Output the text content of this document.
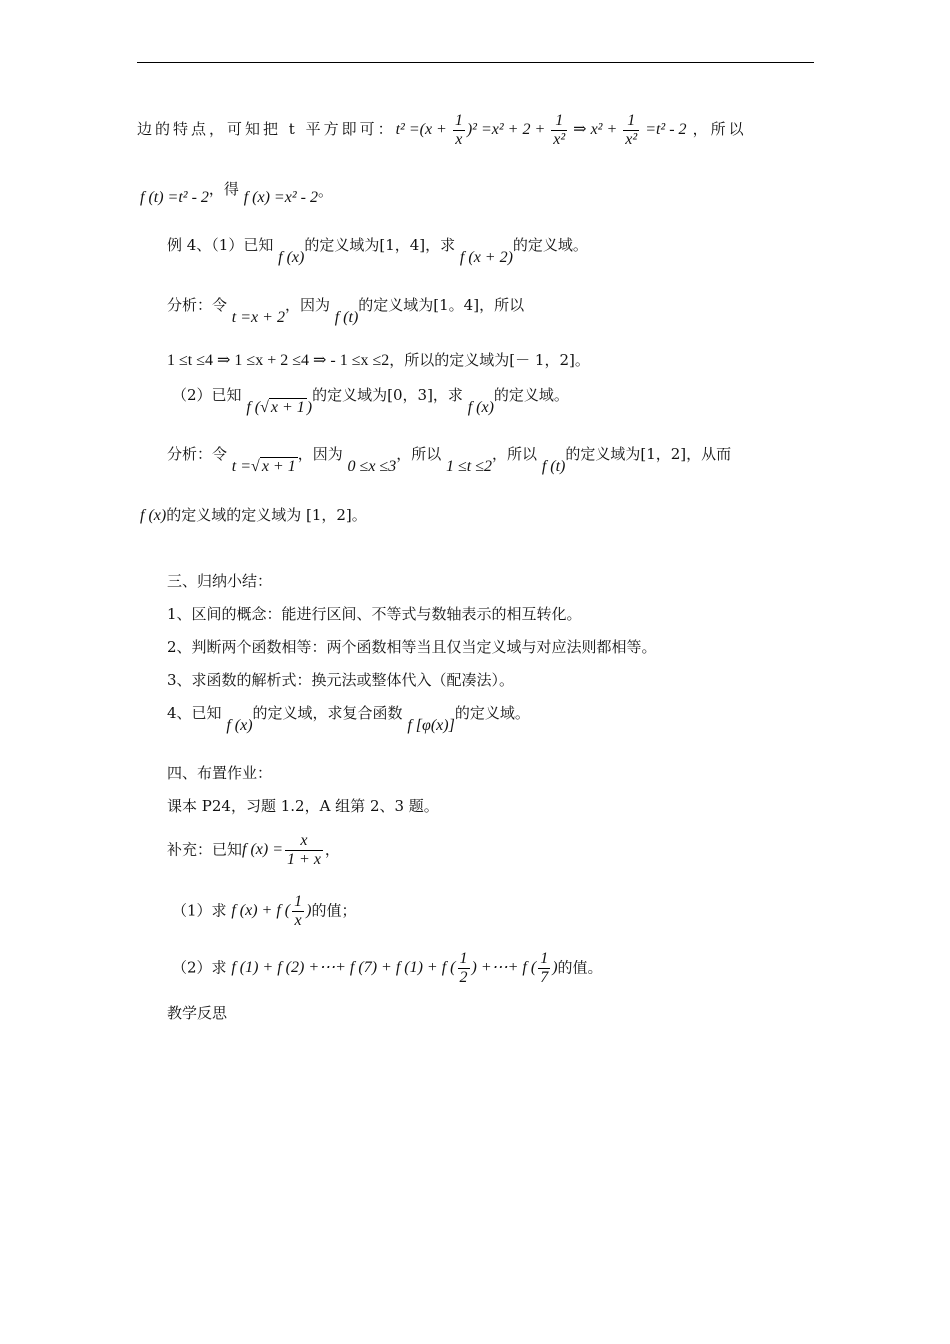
边的特点，可知把 t 平方即可：$t^2 =(x + \frac{1}{x} )^2 =x^2 + 2 + \frac{1}{\text{x²}}$ ⇒ $x^2 + \frac{1}{\text{x²}} =t^2 - 2$ ，所以
f (t) =t² - 2，得 f (x) =x² - 2。
例 4、（1）已知 f (x)的定义域为[1，4]，求 f (x + 2)的定义域。
分析：令 t =x + 2，因为 f (t)的定义域为[1。4]，所以
1 ≤t ≤4 ⇒ 1 ≤x + 2 ≤4 ⇒ - 1 ≤x ≤2，所以的定义域为[－ 1，2]。
（2）已知 f (√ x + 1 )的定义域为[0，3]，求 f (x)的定义域。
分析：令 t =√ x + 1，因为 0 ≤x ≤3，所以 1 ≤t ≤2，所以 f (t)的定义域为[1，2]，从而
f (x)的定义域的定义域为 [1，2]。
三、归纳小结：
1、区间的概念：能进行区间、不等式与数轴表示的相互转化。
2、判断两个函数相等：两个函数相等当且仅当定义域与对应法则都相等。
3、求函数的解析式：换元法或整体代入（配凑法）。
4、已知 f (x)的定义域，求复合函数 f [φ(x)]的定义域。
四、布置作业：
课本 P24，习题 1.2，A 组第 2、3 题。
补充：已知f $(x) = \frac{x}{1 + x}$ ，
（1）求 f (x) + f ( $\frac{1}{x}$ )的值；
（2）求 f (1) + f (2) +⋯+ f (7) + f (1) + f ( $\frac{1}{2}$ ) +⋯+ f ( $\frac{1}{7}$ )的值。
教学反思
